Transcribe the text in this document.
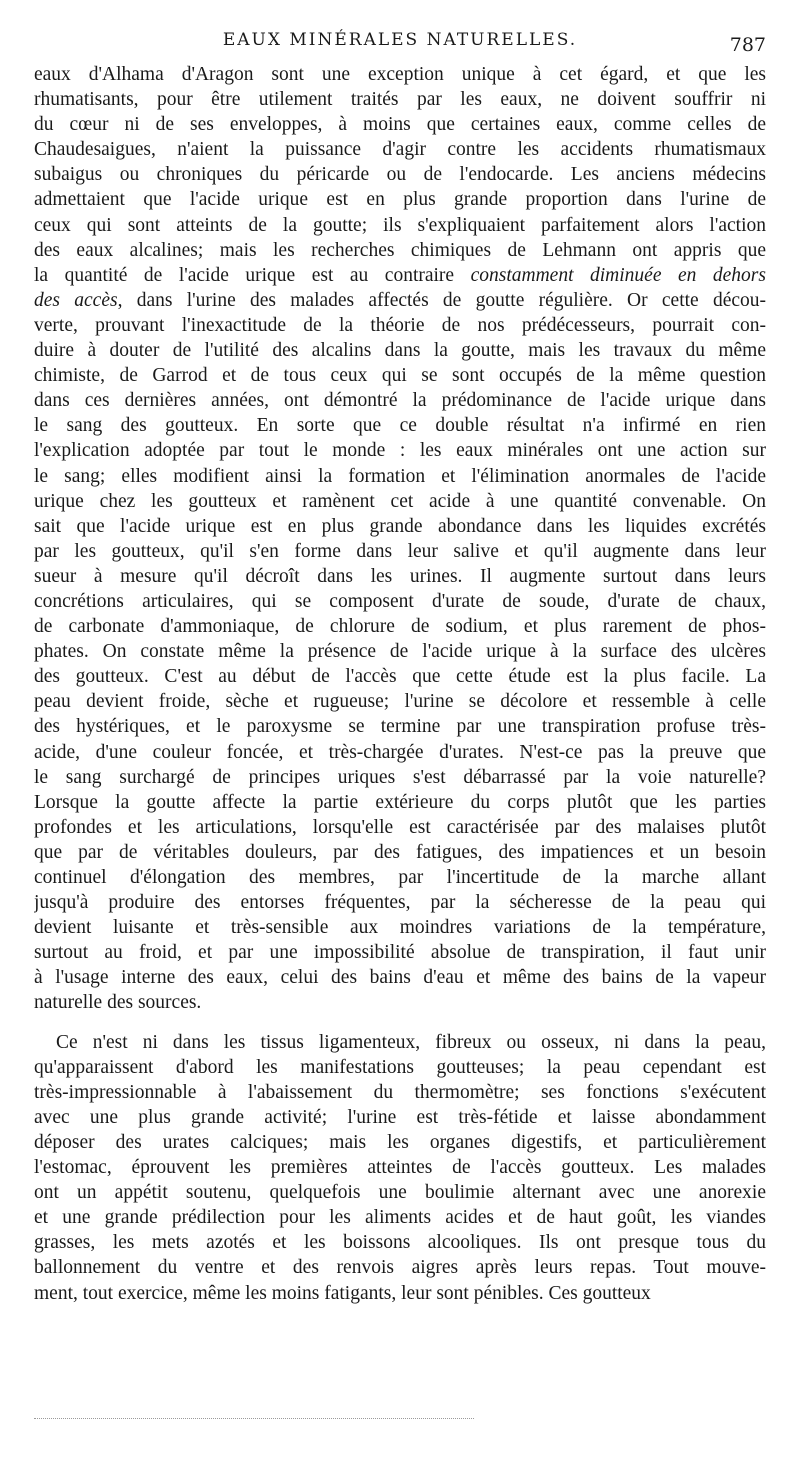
EAUX MINÉRALES NATURELLES.	787
eaux d'Alhama d'Aragon sont une exception unique à cet égard, et que les
rhumatisants, pour être utilement traités par les eaux, ne doivent souffrir ni
du cœur ni de ses enveloppes, à moins que certaines eaux, comme celles de
Chaudesaigues, n'aient la puissance d'agir contre les accidents rhumatismaux
subaigus ou chroniques du péricarde ou de l'endocarde. Les anciens médecins
admettaient que l'acide urique est en plus grande proportion dans l'urine de
ceux qui sont atteints de la goutte; ils s'expliquaient parfaitement alors l'action
des eaux alcalines; mais les recherches chimiques de Lehmann ont appris que
la quantité de l'acide urique est au contraire constamment diminuée en dehors
des accès, dans l'urine des malades affectés de goutte régulière. Or cette décou-
verte, prouvant l'inexactitude de la théorie de nos prédécesseurs, pourrait con-
duire à douter de l'utilité des alcalins dans la goutte, mais les travaux du même
chimiste, de Garrod et de tous ceux qui se sont occupés de la même question
dans ces dernières années, ont démontré la prédominance de l'acide urique dans
le sang des goutteux. En sorte que ce double résultat n'a infirmé en rien
l'explication adoptée par tout le monde : les eaux minérales ont une action sur
le sang; elles modifient ainsi la formation et l'élimination anormales de l'acide
urique chez les goutteux et ramènent cet acide à une quantité convenable. On
sait que l'acide urique est en plus grande abondance dans les liquides excrétés
par les goutteux, qu'il s'en forme dans leur salive et qu'il augmente dans leur
sueur à mesure qu'il décroît dans les urines. Il augmente surtout dans leurs
concrétions articulaires, qui se composent d'urate de soude, d'urate de chaux,
de carbonate d'ammoniaque, de chlorure de sodium, et plus rarement de phos-
phates. On constate même la présence de l'acide urique à la surface des ulcères
des goutteux. C'est au début de l'accès que cette étude est la plus facile. La
peau devient froide, sèche et rugueuse; l'urine se décolore et ressemble à celle
des hystériques, et le paroxysme se termine par une transpiration profuse très-
acide, d'une couleur foncée, et très-chargée d'urates. N'est-ce pas la preuve que
le sang surchargé de principes uriques s'est débarrassé par la voie naturelle?
Lorsque la goutte affecte la partie extérieure du corps plutôt que les parties
profondes et les articulations, lorsqu'elle est caractérisée par des malaises plutôt
que par de véritables douleurs, par des fatigues, des impatiences et un besoin
continuel d'élongation des membres, par l'incertitude de la marche allant
jusqu'à produire des entorses fréquentes, par la sécheresse de la peau qui
devient luisante et très-sensible aux moindres variations de la température,
surtout au froid, et par une impossibilité absolue de transpiration, il faut unir
à l'usage interne des eaux, celui des bains d'eau et même des bains de la vapeur
naturelle des sources.
Ce n'est ni dans les tissus ligamenteux, fibreux ou osseux, ni dans la peau,
qu'apparaissent d'abord les manifestations goutteuses; la peau cependant est
très-impressionnable à l'abaissement du thermomètre; ses fonctions s'exécutent
avec une plus grande activité; l'urine est très-fétide et laisse abondamment
déposer des urates calciques; mais les organes digestifs, et particulièrement
l'estomac, éprouvent les premières atteintes de l'accès goutteux. Les malades
ont un appétit soutenu, quelquefois une boulimie alternant avec une anorexie
et une grande prédilection pour les aliments acides et de haut goût, les viandes
grasses, les mets azotés et les boissons alcooliques. Ils ont presque tous du
ballonnement du ventre et des renvois aigres après leurs repas. Tout mouve-
ment, tout exercice, même les moins fatigants, leur sont pénibles. Ces goutteux
